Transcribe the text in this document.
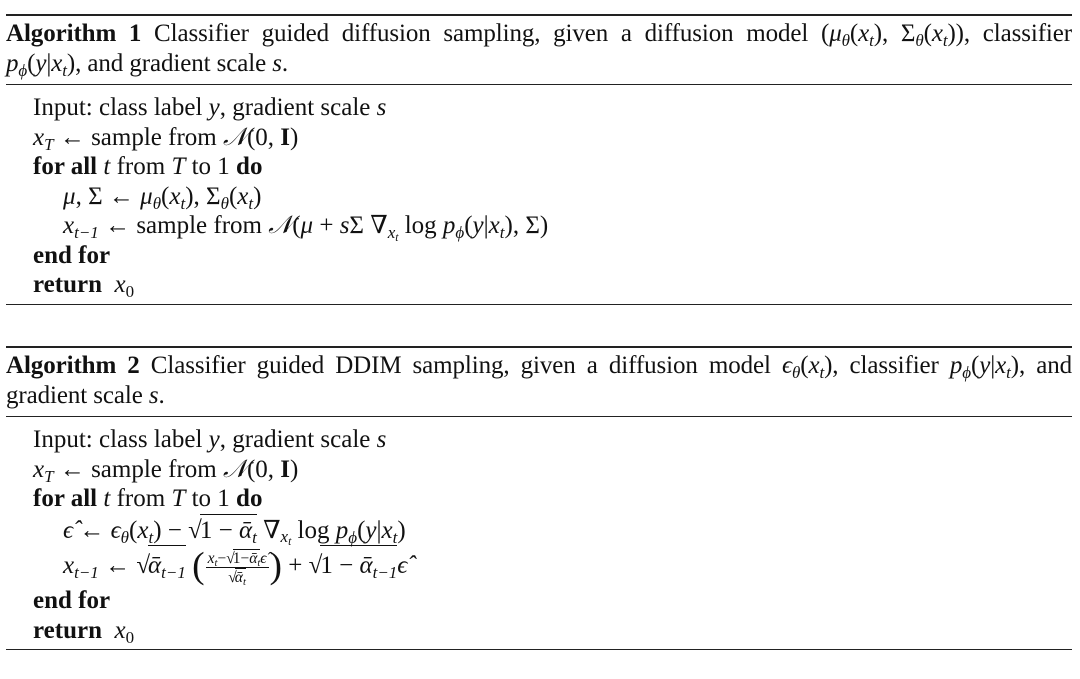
Algorithm 1 Classifier guided diffusion sampling, given a diffusion model ($\mu_\theta(x_t)$, $\Sigma_\theta(x_t)$), classifier $p_\phi(y|x_t)$, and gradient scale s.
Input: class label y, gradient scale s
$x_T$ ← sample from 𝒩(0, I)
for all t from T to 1 do
μ, Σ ← $\mu_\theta(x_t)$, $\Sigma_\theta(x_t)$
$x_{t-1}$ ← sample from 𝒩(μ + sΣ $\nabla_{x_t}$ $\log p_\phi(y|x_t)$, Σ)
end for
return $x_0$
Algorithm 2 Classifier guided DDIM sampling, given a diffusion model $\epsilon_\theta(x_t)$, classifier $p_\phi(y|x_t)$, and gradient scale s.
Input: class label y, gradient scale s
$x_T$ ← sample from 𝒩(0, I)
for all t from T to 1 do
ϵ̂ ← $\epsilon_\theta(x_t) - √1$ − ᾱ$_t$ $\nabla_{x_t}$ $\log p_\phi(y|x_t)$
$x_{t-1}$ ← √ᾱ$_{t-1}$ ( $\frac{x_t-√1-ᾱ_t\epsilon̂}{√ᾱ_t}$ ) + √1 − ᾱ$_{t-1}$ϵ̂
end for
return $x_0$
